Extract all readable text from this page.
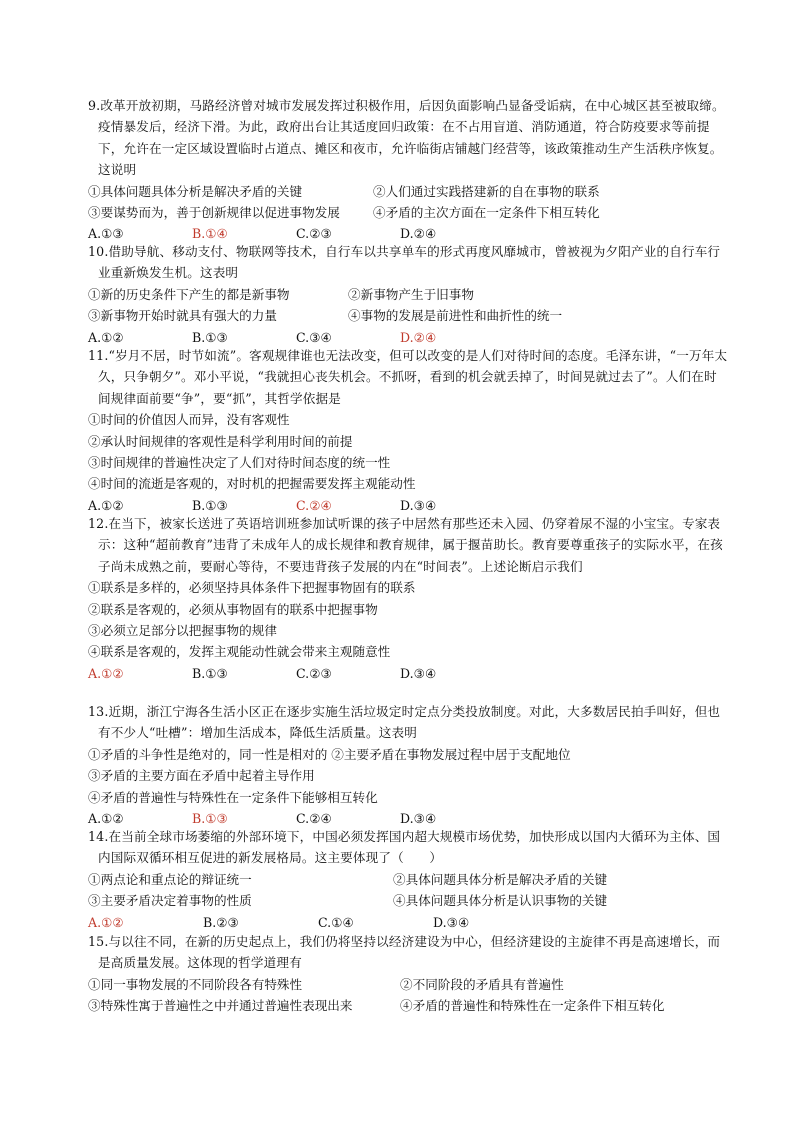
9.改革开放初期，马路经济曾对城市发展发挥过积极作用，后因负面影响凸显备受诟病，在中心城区甚至被取缔。疫情暴发后，经济下滑。为此，政府出台让其适度回归政策：在不占用盲道、消防通道，符合防疫要求等前提下，允许在一定区域设置临时占道点、摊区和夜市，允许临街店铺越门经营等，该政策推动生产生活秩序恢复。这说明

①具体问题具体分析是解决矛盾的关键	②人们通过实践搭建新的自在事物的联系
③要谋势而为，善于创新规律以促进事物发展	④矛盾的主次方面在一定条件下相互转化
A.①③	B.①④	C.②③	D.②④

10.借助导航、移动支付、物联网等技术，自行车以共享单车的形式再度风靡城市，曾被视为夕阳产业的自行车行业重新焕发生机。这表明

①新的历史条件下产生的都是新事物	②新事物产生于旧事物
③新事物开始时就具有强大的力量	④事物的发展是前进性和曲折性的统一
A.①②	B.①③	C.③④	D.②④

11.“岁月不居，时节如流”。客观规律谁也无法改变，但可以改变的是人们对待时间的态度。毛泽东讲，“一万年太久，只争朝夕”。邓小平说，“我就担心丧失机会。不抓呀，看到的机会就丢掉了，时间晃就过去了”。人们在时间规律面前要“争”，要“抓”，其哲学依据是

①时间的价值因人而异，没有客观性
②承认时间规律的客观性是科学利用时间的前提
③时间规律的普遍性决定了人们对待时间态度的统一性
④时间的流逝是客观的，对时机的把握需要发挥主观能动性
A.①②	B.①③	C.②④	D.③④

12.在当下，被家长送进了英语培训班参加试听课的孩子中居然有那些还未入园、仍穿着尿不湿的小宝宝。专家表示：这种“超前教育”违背了未成年人的成长规律和教育规律，属于揠苗助长。教育要尊重孩子的实际水平，在孩子尚未成熟之前，要耐心等待，不要违背孩子发展的内在“时间表”。上述论断启示我们

①联系是多样的，必须坚持具体条件下把握事物固有的联系
②联系是客观的，必须从事物固有的联系中把握事物
③必须立足部分以把握事物的规律
④联系是客观的，发挥主观能动性就会带来主观随意性
A.①②	B.①③	C.②③	D.③④

13.近期，浙江宁海各生活小区正在逐步实施生活垃圾定时定点分类投放制度。对此，大多数居民拍手叫好，但也有不少人“吐槽”：增加生活成本，降低生活质量。这表明

①矛盾的斗争性是绝对的，同一性是相对的 ②主要矛盾在事物发展过程中居于支配地位
③矛盾的主要方面在矛盾中起着主导作用
④矛盾的普遍性与特殊性在一定条件下能够相互转化
A.①②	B.①③	C.②④	D.③④

14.在当前全球市场萎缩的外部环境下，中国必须发挥国内超大规模市场优势，加快形成以国内大循环为主体、国内国际双循环相互促进的新发展格局。这主要体现了（　　）

①两点论和重点论的辩证统一	②具体问题具体分析是解决矛盾的关键
③主要矛盾决定着事物的性质	④具体问题具体分析是认识事物的关键
A.①②	B.②③	C.①④	D.③④

15.与以往不同，在新的历史起点上，我们仍将坚持以经济建设为中心，但经济建设的主旋律不再是高速增长，而是高质量发展。这体现的哲学道理有

①同一事物发展的不同阶段各有特殊性	②不同阶段的矛盾具有普遍性
③特殊性寓于普遍性之中并通过普遍性表现出来	④矛盾的普遍性和特殊性在一定条件下相互转化
